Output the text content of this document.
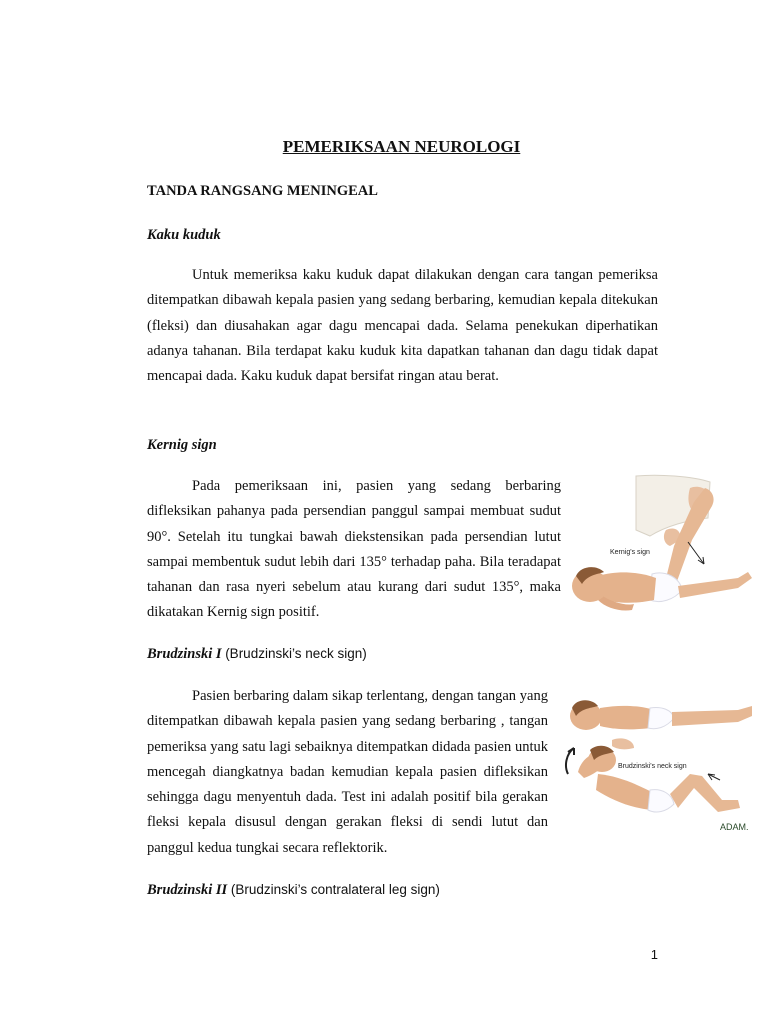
PEMERIKSAAN NEUROLOGI
TANDA RANGSANG MENINGEAL
Kaku kuduk
Untuk memeriksa kaku kuduk dapat dilakukan dengan cara tangan pemeriksa ditempatkan dibawah kepala pasien yang sedang berbaring, kemudian kepala ditekukan (fleksi) dan diusahakan agar dagu mencapai dada. Selama penekukan diperhatikan adanya tahanan. Bila terdapat kaku kuduk kita dapatkan tahanan dan dagu tidak dapat mencapai dada. Kaku kuduk dapat bersifat ringan atau berat.
Kernig sign
Pada pemeriksaan ini, pasien yang sedang berbaring difleksikan pahanya pada persendian panggul sampai membuat sudut 90°. Setelah itu tungkai bawah diekstensikan pada persendian lutut sampai membentuk sudut lebih dari 135° terhadap paha. Bila teradapat tahanan dan rasa nyeri sebelum atau kurang dari sudut 135°, maka dikatakan Kernig sign positif.
Kernig's sign
Brudzinski I (Brudzinski’s neck sign)
Pasien berbaring dalam sikap terlentang, dengan tangan yang ditempatkan dibawah kepala pasien yang sedang berbaring , tangan pemeriksa yang satu lagi sebaiknya ditempatkan didada pasien untuk mencegah diangkatnya badan kemudian kepala pasien difleksikan sehingga dagu menyentuh dada. Test ini adalah positif bila gerakan fleksi kepala disusul dengan gerakan fleksi di sendi lutut dan panggul kedua tungkai secara reflektorik.
Brudzinski's neck sign
ADAM.
Brudzinski II (Brudzinski’s contralateral leg sign)
1
